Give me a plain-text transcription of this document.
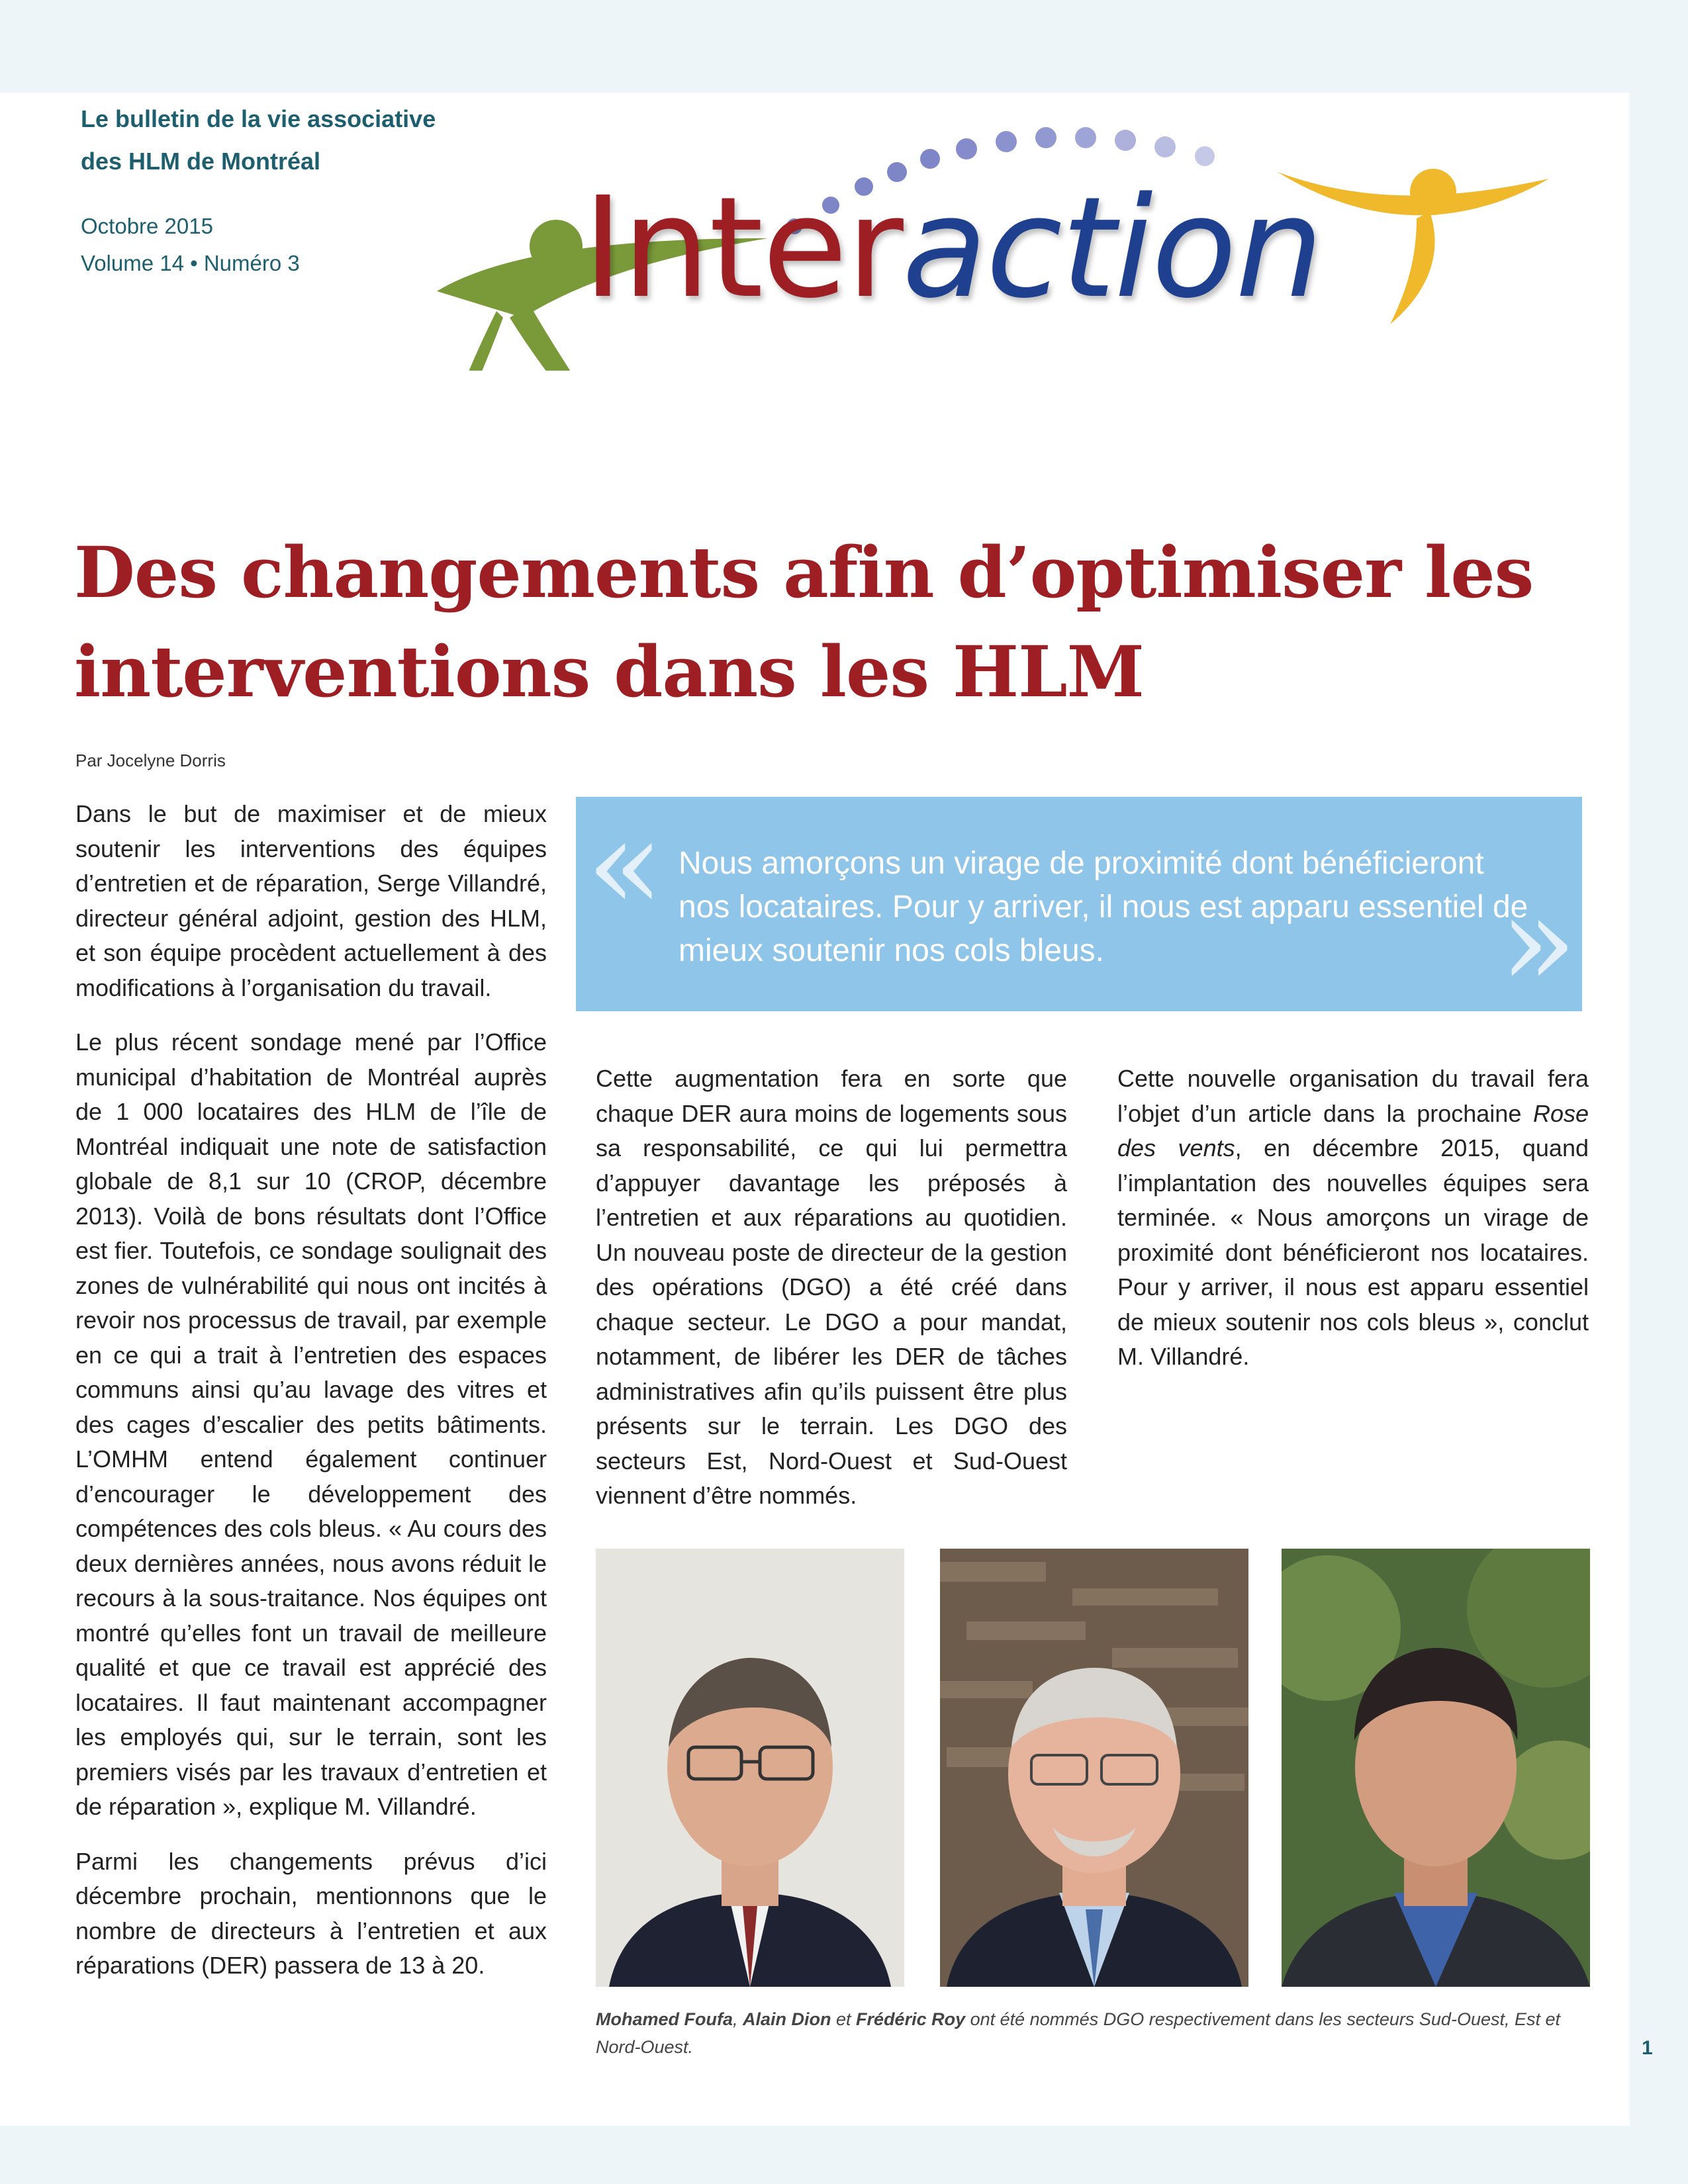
Le bulletin de la vie associative
des HLM de Montréal
Octobre 2015
Volume 14 • Numéro 3 Interaction
Des changements afin d’optimiser les
interventions dans les HLM
Par Jocelyne Dorris

Dans le but de maximiser et de mieux soutenir les interventions des équipes d’entretien et de réparation, Serge Villandré, directeur général adjoint, gestion des HLM, et son équipe procèdent actuellement à des modifications à l’organisation du travail.

Le plus récent sondage mené par l’Office municipal d’habitation de Montréal auprès de 1 000 locataires des HLM de l’île de Montréal indiquait une note de satisfaction globale de 8,1 sur 10 (CROP, décembre 2013). Voilà de bons résultats dont l’Office est fier. Toutefois, ce sondage soulignait des zones de vulnérabilité qui nous ont incités à revoir nos processus de travail, par exemple en ce qui a trait à l’entretien des espaces communs ainsi qu’au lavage des vitres et des cages d’escalier des petits bâtiments. L’OMHM entend également continuer d’encourager le développement des compétences des cols bleus. « Au cours des deux dernières années, nous avons réduit le recours à la sous-traitance. Nos équipes ont montré qu’elles font un travail de meilleure qualité et que ce travail est apprécié des locataires. Il faut maintenant accompagner les employés qui, sur le terrain, sont les premiers visés par les travaux d’entretien et de réparation », explique M. Villandré.

Parmi les changements prévus d’ici décembre prochain, mentionnons que le nombre de directeurs à l’entretien et aux réparations (DER) passera de 13 à 20.

« Nous amorçons un virage de proximité dont bénéficieront nos locataires. Pour y arriver, il nous est apparu essentiel de mieux soutenir nos cols bleus.	»

Cette augmentation fera en sorte que chaque DER aura moins de logements sous sa responsabilité, ce qui lui permettra d’appuyer davantage les préposés à l’entretien et aux réparations au quotidien. Un nouveau poste de directeur de la gestion des opérations (DGO) a été créé dans chaque secteur. Le DGO a pour mandat, notamment, de libérer les DER de tâches administratives afin qu’ils puissent être plus présents sur le terrain. Les DGO des secteurs Est, Nord-Ouest et Sud-Ouest viennent d’être nommés.

Cette nouvelle organisation du travail fera l’objet d’un article dans la prochaine Rose des vents, en décembre 2015, quand l’implantation des nouvelles équipes sera terminée. « Nous amorçons un virage de proximité dont bénéficieront nos locataires. Pour y arriver, il nous est apparu essentiel de mieux soutenir nos cols bleus », conclut M. Villandré.

Mohamed Foufa, Alain Dion et Frédéric Roy ont été nommés DGO respectivement dans les secteurs Sud-Ouest, Est et Nord-Ouest.	1
